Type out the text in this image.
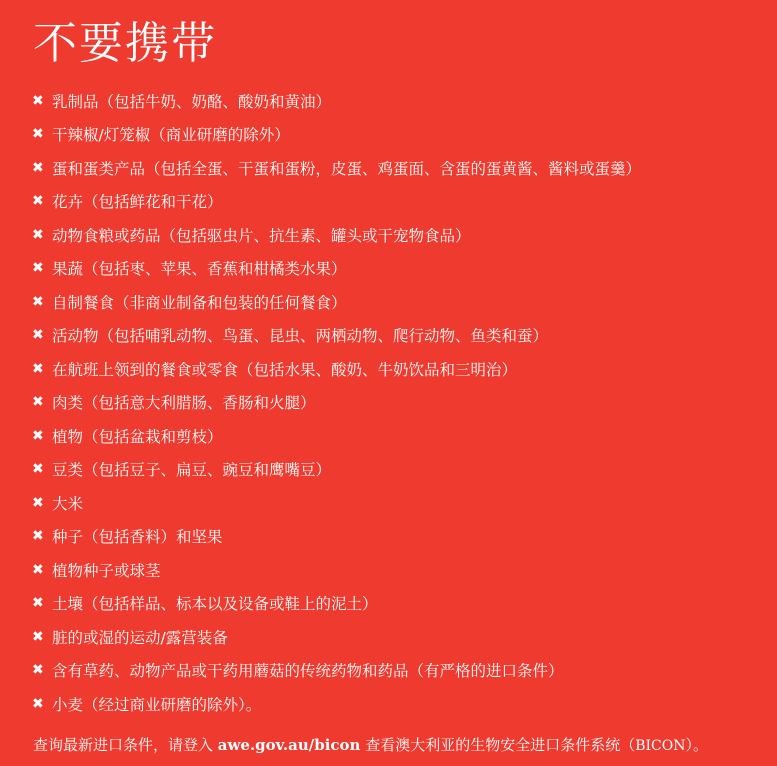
不要携带
✖ 乳制品（包括牛奶、奶酪、酸奶和黄油）
✖ 干辣椒/灯笼椒（商业研磨的除外）
✖ 蛋和蛋类产品（包括全蛋、干蛋和蛋粉，皮蛋、鸡蛋面、含蛋的蛋黄酱、酱料或蛋羹）
✖ 花卉（包括鲜花和干花）
✖ 动物食粮或药品（包括驱虫片、抗生素、罐头或干宠物食品）
✖ 果蔬（包括枣、苹果、香蕉和柑橘类水果）
✖ 自制餐食（非商业制备和包装的任何餐食）
✖ 活动物（包括哺乳动物、鸟蛋、昆虫、两栖动物、爬行动物、鱼类和蚕）
✖ 在航班上领到的餐食或零食（包括水果、酸奶、牛奶饮品和三明治）
✖ 肉类（包括意大利腊肠、香肠和火腿）
✖ 植物（包括盆栽和剪枝）
✖ 豆类（包括豆子、扁豆、豌豆和鹰嘴豆）
✖ 大米
✖ 种子（包括香料）和坚果
✖ 植物种子或球茎
✖ 土壤（包括样品、标本以及设备或鞋上的泥土）
✖ 脏的或湿的运动/露营装备
✖ 含有草药、动物产品或干药用蘑菇的传统药物和药品（有严格的进口条件）
✖ 小麦（经过商业研磨的除外）。
查询最新进口条件，请登入 awe.gov.au/bicon 查看澳大利亚的生物安全进口条件系统（BICON）。
